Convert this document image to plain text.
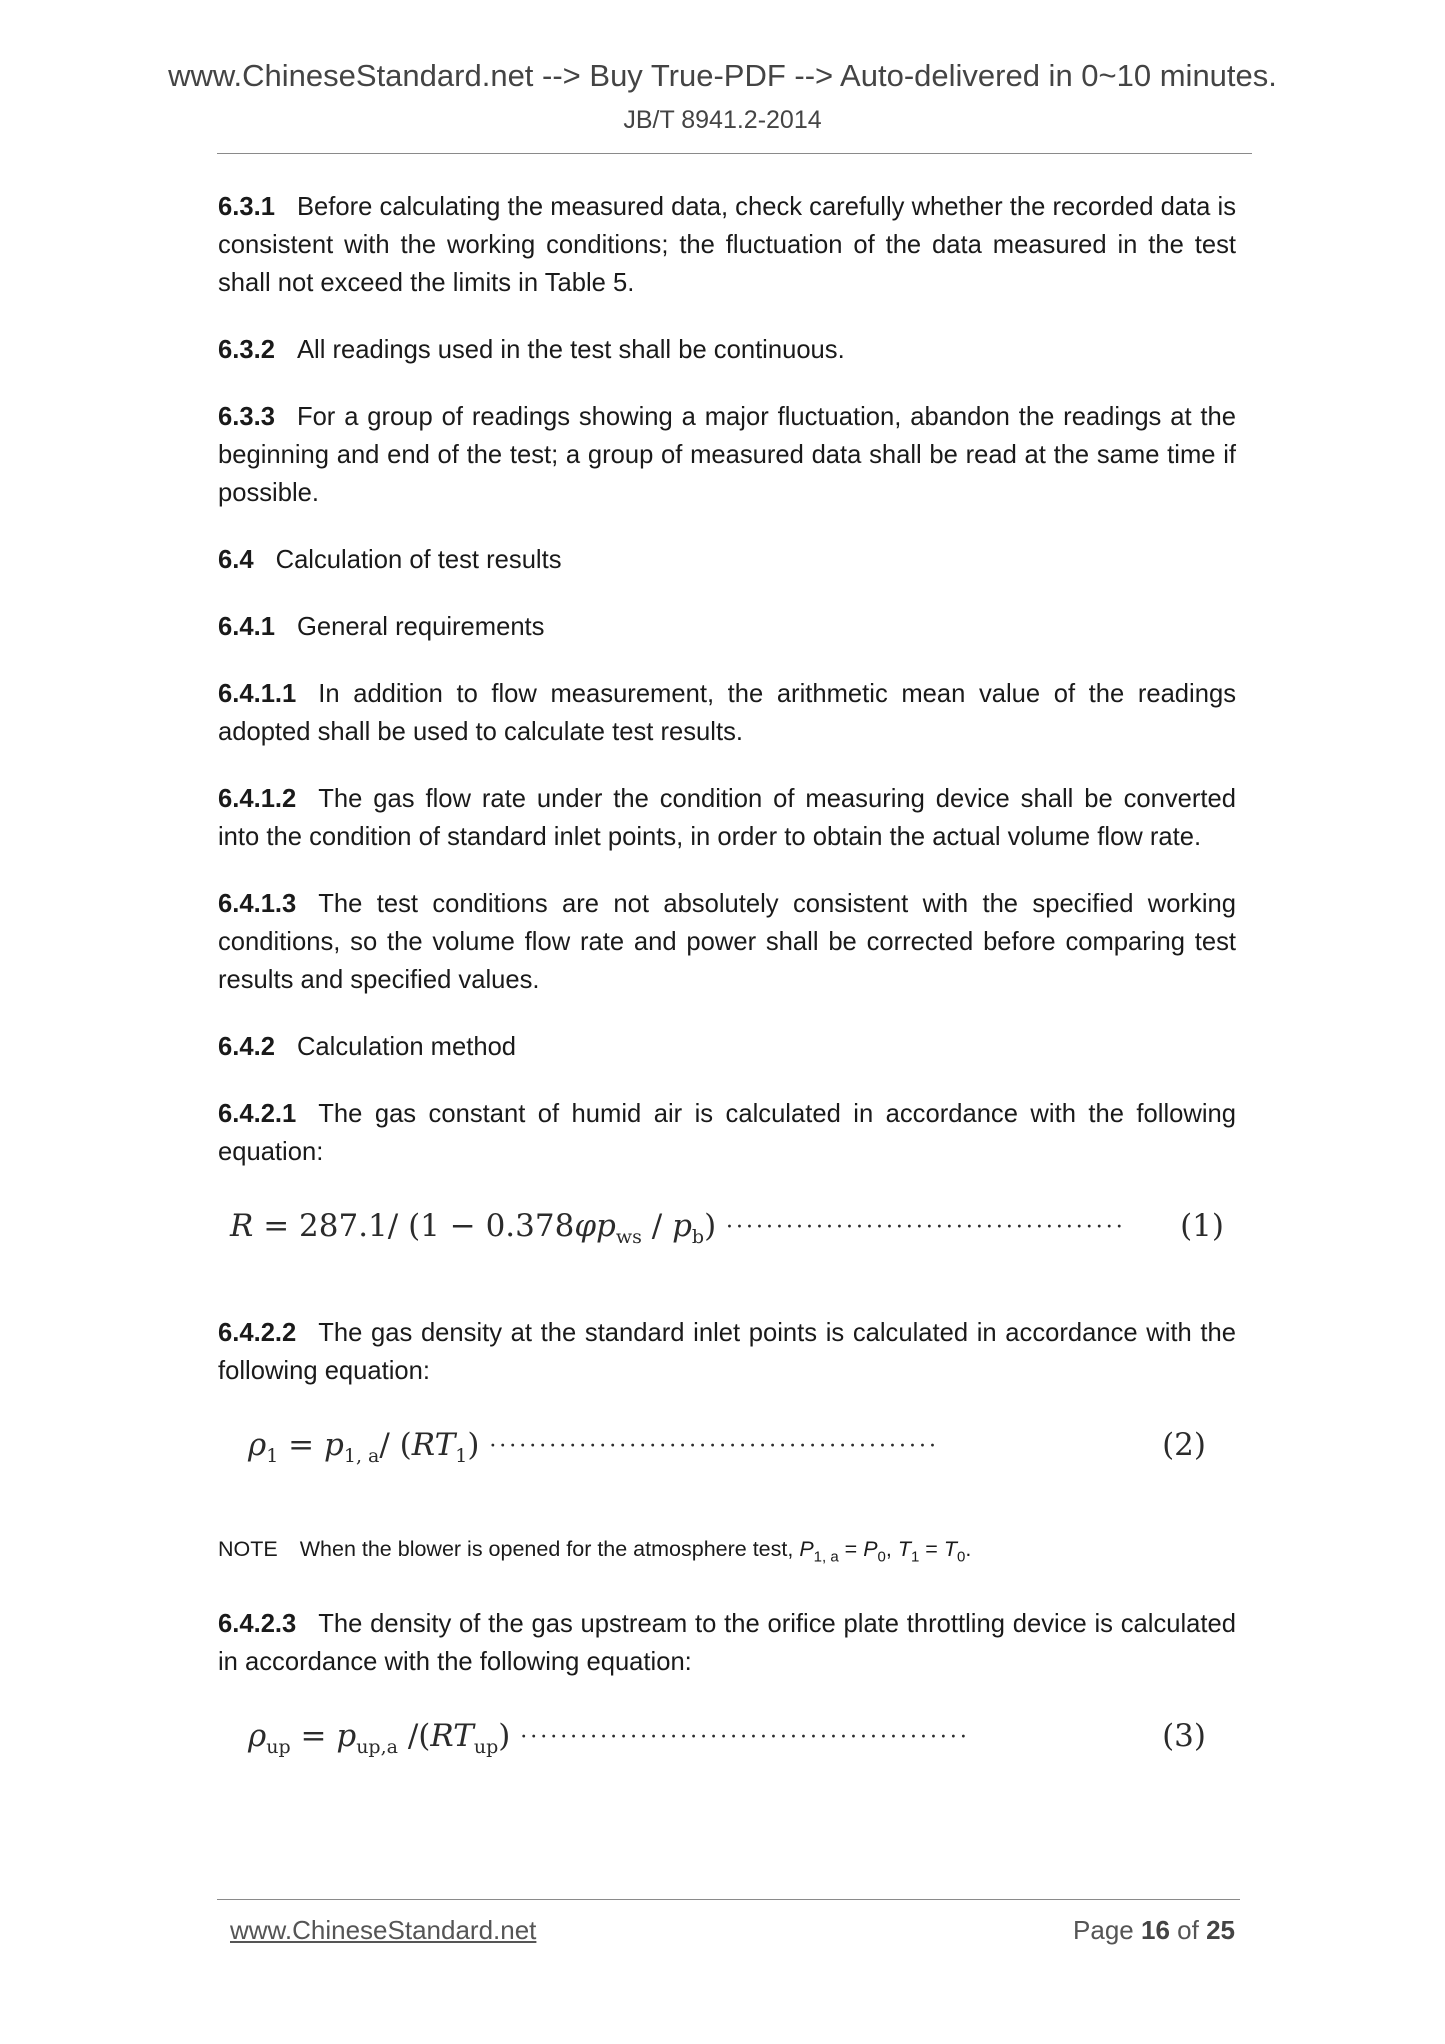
www.ChineseStandard.net --> Buy True-PDF --> Auto-delivered in 0~10 minutes.
JB/T 8941.2-2014

6.3.1 Before calculating the measured data, check carefully whether the recorded data is consistent with the working conditions; the fluctuation of the data measured in the test shall not exceed the limits in Table 5.

6.3.2 All readings used in the test shall be continuous.

6.3.3 For a group of readings showing a major fluctuation, abandon the readings at the beginning and end of the test; a group of measured data shall be read at the same time if possible.

6.4 Calculation of test results

6.4.1 General requirements

6.4.1.1 In addition to flow measurement, the arithmetic mean value of the readings adopted shall be used to calculate test results.

6.4.1.2 The gas flow rate under the condition of measuring device shall be converted into the condition of standard inlet points, in order to obtain the actual volume flow rate.

6.4.1.3 The test conditions are not absolutely consistent with the specified working conditions, so the volume flow rate and power shall be corrected before comparing test results and specified values.

6.4.2 Calculation method

6.4.2.1 The gas constant of humid air is calculated in accordance with the following equation:

R = 287.1/ $(1 - 0.378\varphi p_{ws} / p_b)$ ········································ (1)

6.4.2.2 The gas density at the standard inlet points is calculated in accordance with the following equation:

$\rho_1 = p_{1, a}/$ $(RT_1)$ ·············································	(2)

NOTE When the blower is opened for the atmosphere test, $P_{1, a} = P_0$, $T_1 = T_0$.

6.4.2.3 The density of the gas upstream to the orifice plate throttling device is calculated in accordance with the following equation:

$\rho_{up} = p_{up,a}$ $/(RT_{up})$ ·············································	(3)
www.ChineseStandard.net	Page 16 of 25
